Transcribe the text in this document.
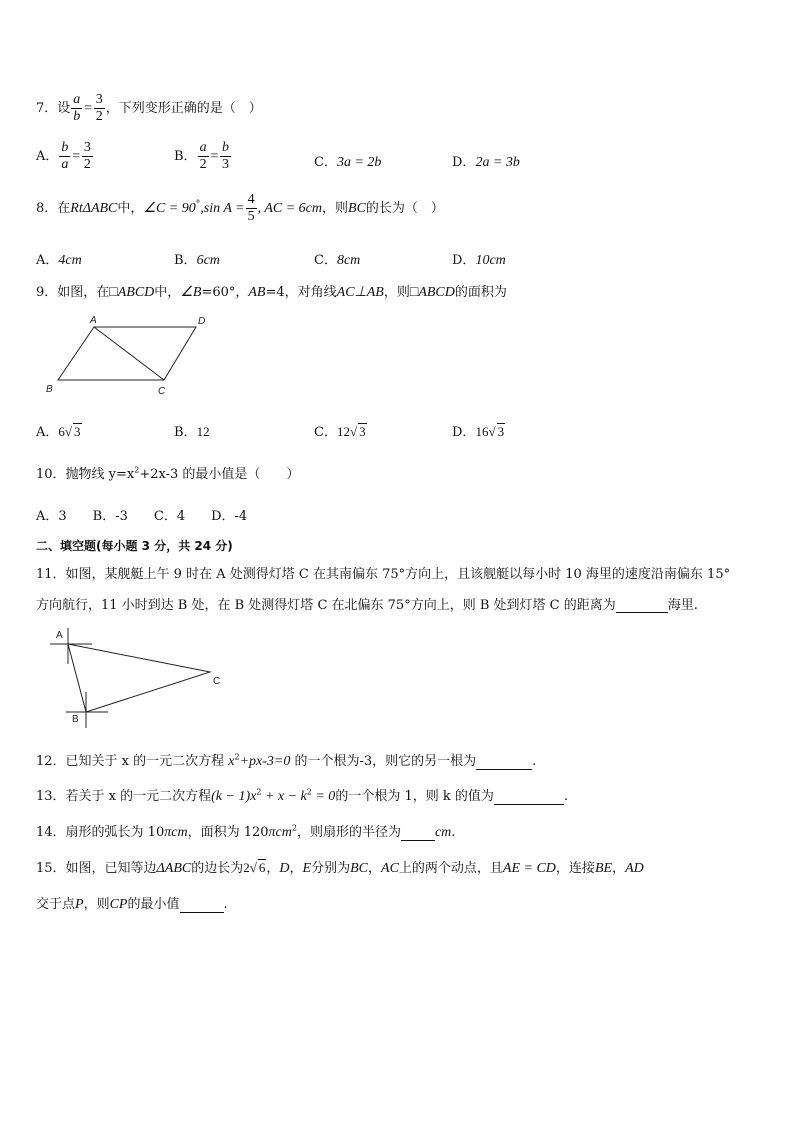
7．设 $\frac{a}{b} = \frac{3}{2}$ ，下列变形正确的是（　）
A． $\frac{b}{a} = \frac{3}{2}$	B． $\frac{a}{2} = \frac{b}{3}$	C．3a = 2b	D．2a = 3b
8．在RtΔABC中，∠C = 90°,sin $A = \frac{4}{5}$ , AC = 6cm，则BC的长为（　）
A．4cm	B．6cm	C．8cm	D．10cm
9．如图，在□ABCD中，∠B=60°，AB=4，对角线AC⊥AB，则□ABCD的面积为
A	D
B	C
A．6√ 3	B．12	C．12√ 3	D．16√ 3
10．抛物线 $y=x^2+2x-3$ 的最小值是（　　）
A．3　　B．-3　　C．4　　D．-4
二、填空题(每小题 3 分，共 24 分)
11．如图，某舰艇上午 9 时在 A 处测得灯塔 C 在其南偏东 75°方向上，且该舰艇以每小时 10 海里的速度沿南偏东 15°
方向航行，11 小时到达 B 处，在 B 处测得灯塔 C 在北偏东 75°方向上，则 B 处到灯塔 C 的距离为	海里.
A
B
C
12．已知关于 x 的一元二次方程 $x^2+px-3=0$ 的一个根为-3，则它的另一根为	.
13．若关于 x 的一元二次方程$(k - 1)x^2 + x - k^2 = 0$的一个根为 1，则 k 的值为	.
14．扇形的弧长为 10πcm，面积为 120πcm$^2$，则扇形的半径为 cm.
15．如图，已知等边ΔABC的边长为2√ 6，D，E分别为BC，AC上的两个动点，且AE = CD，连接BE，AD
交于点P，则CP的最小值	.
